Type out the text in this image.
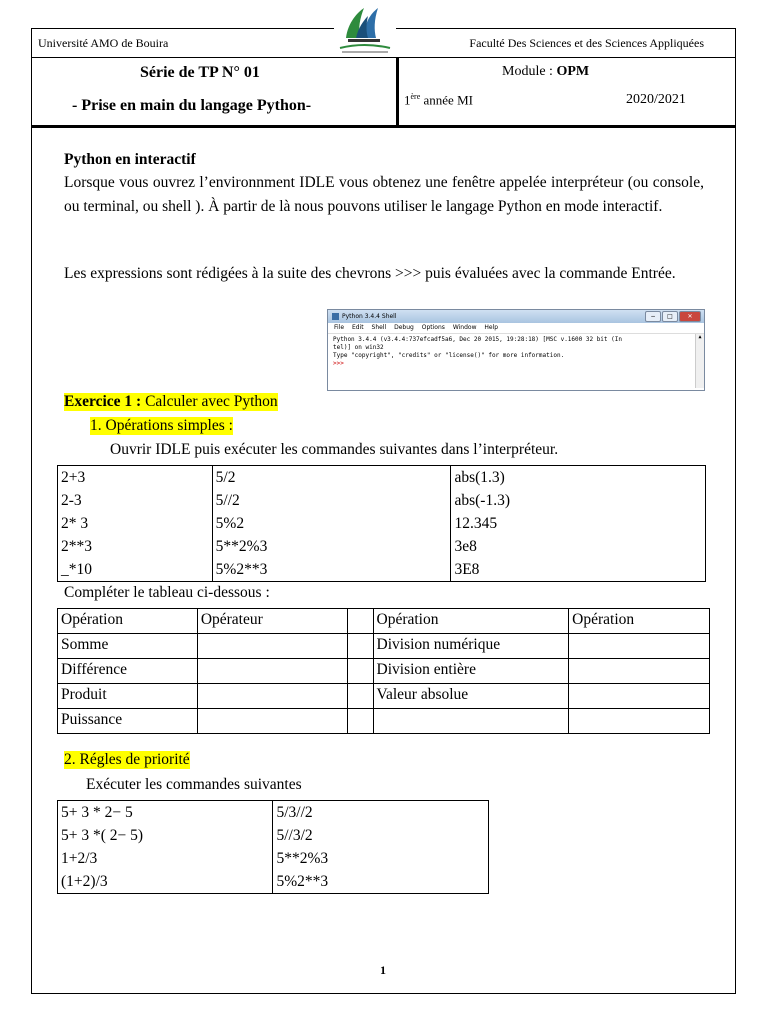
Université AMO de Bouira	Faculté Des Sciences et des Sciences Appliquées
Série de TP N° 01
- Prise en main du langage Python-
Module : OPM
1ère année MI	2020/2021
Python en interactif
Lorsque vous ouvrez l’environnment IDLE vous obtenez une fenêtre appelée interpréteur (ou console, ou terminal, ou shell ). À partir de là nous pouvons utiliser le langage Python en mode interactif.
Les expressions sont rédigées à la suite des chevrons >>> puis évaluées avec la commande Entrée.
Python 3.4.4 Shell	−	□	✕
File Edit Shell Debug Options Window Help
Python 3.4.4 (v3.4.4:737efcadf5a6, Dec 20 2015, 19:28:18) [MSC v.1600 32 bit (In
tel)] on win32
Type "copyright", "credits" or "license()" for more information.
>>>
▲
Exercice 1 : Calculer avec Python
1. Opérations simples :
Ouvrir IDLE puis exécuter les commandes suivantes dans l’interpréteur.
2+3	5/2	abs(1.3)
2-3	5//2	abs(-1.3)
2* 3	5%2	12.345
2**3	5**2%3	3e8
_*10	5%2**3	3E8
Compléter le tableau ci-dessous :
Opération	Opérateur		Opération	Opération
Somme			Division numérique	
Différence			Division entière	
Produit			Valeur absolue	
Puissance				
2. Régles de priorité
Exécuter les commandes suivantes
5+ 3 * 2− 5	5/3//2
5+ 3 *( 2− 5)	5//3/2
1+2/3	5**2%3
(1+2)/3	5%2**3
1
